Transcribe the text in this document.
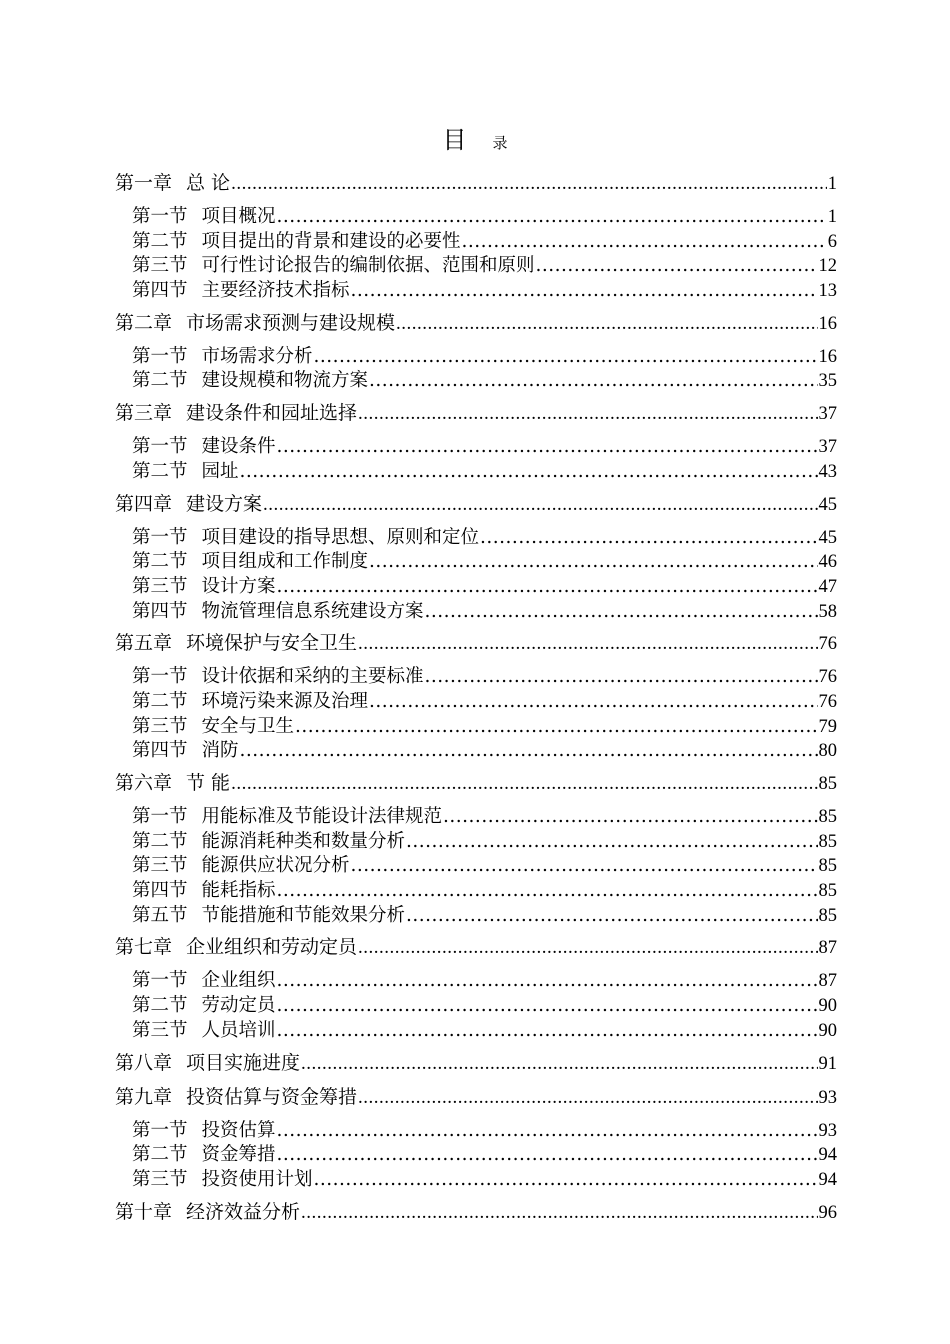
目 录
第一章 总 论 .....	1
第一节 项目概况 .....	1
第二节 项目提出的背景和建设的必要性 .....	6
第三节 可行性讨论报告的编制依据、范围和原则 .....	12
第四节 主要经济技术指标 .....	13
第二章 市场需求预测与建设规模 .....	16
第一节 市场需求分析 .....	16
第二节 建设规模和物流方案 .....	35
第三章 建设条件和园址选择 .....	37
第一节 建设条件 .....	37
第二节 园址 .....	43
第四章 建设方案 .....	45
第一节 项目建设的指导思想、原则和定位 .....	45
第二节 项目组成和工作制度 .....	46
第三节 设计方案 .....	47
第四节 物流管理信息系统建设方案 .....	58
第五章 环境保护与安全卫生 .....	76
第一节 设计依据和采纳的主要标准 .....	76
第二节 环境污染来源及治理 .....	76
第三节 安全与卫生 .....	79
第四节 消防 .....	80
第六章 节 能 .....	85
第一节 用能标准及节能设计法律规范 .....	85
第二节 能源消耗种类和数量分析 .....	85
第三节 能源供应状况分析 .....	85
第四节 能耗指标 .....	85
第五节 节能措施和节能效果分析 .....	85
第七章 企业组织和劳动定员 .....	87
第一节 企业组织 .....	87
第二节 劳动定员 .....	90
第三节 人员培训 .....	90
第八章 项目实施进度 .....	91
第九章 投资估算与资金筹措 .....	93
第一节 投资估算 .....	93
第二节 资金筹措 .....	94
第三节 投资使用计划 .....	94
第十章 经济效益分析 .....	96
